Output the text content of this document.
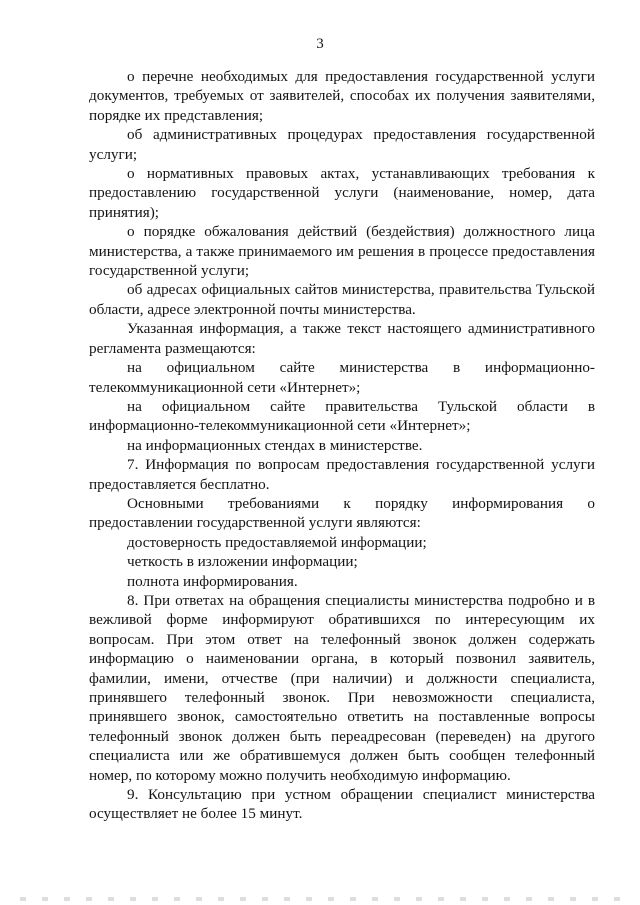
3

о перечне необходимых для предоставления государственной услуги документов, требуемых от заявителей, способах их получения заявителями, порядке их представления;

об административных процедурах предоставления государственной услуги;

о нормативных правовых актах, устанавливающих требования к предоставлению государственной услуги (наименование, номер, дата принятия);

о порядке обжалования действий (бездействия) должностного лица министерства, а также принимаемого им решения в процессе предоставления государственной услуги;

об адресах официальных сайтов министерства, правительства Тульской области, адресе электронной почты министерства.

Указанная информация, а также текст настоящего административного регламента размещаются:

на официальном сайте министерства в информационно-телекоммуникационной сети «Интернет»;

на официальном сайте правительства Тульской области в информационно-телекоммуникационной сети «Интернет»;

на информационных стендах в министерстве.

7. Информация по вопросам предоставления государственной услуги предоставляется бесплатно.

Основными требованиями к порядку информирования о предоставлении государственной услуги являются:

достоверность предоставляемой информации;

четкость в изложении информации;

полнота информирования.

8. При ответах на обращения специалисты министерства подробно и в вежливой форме информируют обратившихся по интересующим их вопросам. При этом ответ на телефонный звонок должен содержать информацию о наименовании органа, в который позвонил заявитель, фамилии, имени, отчестве (при наличии) и должности специалиста, принявшего телефонный звонок. При невозможности специалиста, принявшего звонок, самостоятельно ответить на поставленные вопросы телефонный звонок должен быть переадресован (переведен) на другого специалиста или же обратившемуся должен быть сообщен телефонный номер, по которому можно получить необходимую информацию.

9. Консультацию при устном обращении специалист министерства осуществляет не более 15 минут.
